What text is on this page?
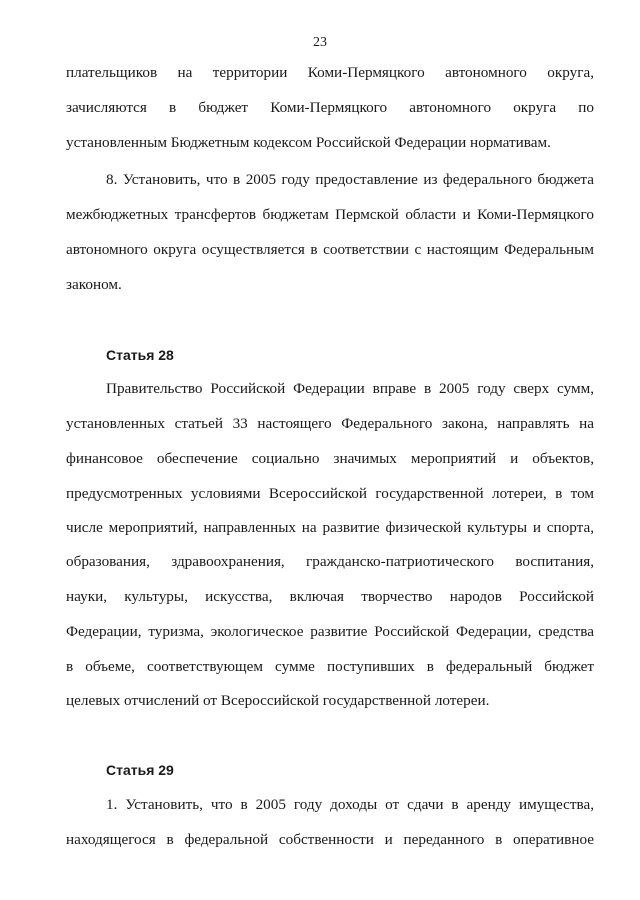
23
плательщиков на территории Коми-Пермяцкого автономного округа,
зачисляются в бюджет Коми-Пермяцкого автономного округа по
установленным Бюджетным кодексом Российской Федерации нормативам.
8. Установить, что в 2005 году предоставление из федерального бюджета
межбюджетных трансфертов бюджетам Пермской области и Коми-Пермяцкого
автономного округа осуществляется в соответствии с настоящим Федеральным
законом.
Статья 28
Правительство Российской Федерации вправе в 2005 году сверх сумм,
установленных статьей 33 настоящего Федерального закона, направлять на
финансовое обеспечение социально значимых мероприятий и объектов,
предусмотренных условиями Всероссийской государственной лотереи, в том
числе мероприятий, направленных на развитие физической культуры и спорта,
образования, здравоохранения, гражданско-патриотического воспитания,
науки, культуры, искусства, включая творчество народов Российской
Федерации, туризма, экологическое развитие Российской Федерации, средства
в объеме, соответствующем сумме поступивших в федеральный бюджет
целевых отчислений от Всероссийской государственной лотереи.
Статья 29
1. Установить, что в 2005 году доходы от сдачи в аренду имущества,
находящегося в федеральной собственности и переданного в оперативное
